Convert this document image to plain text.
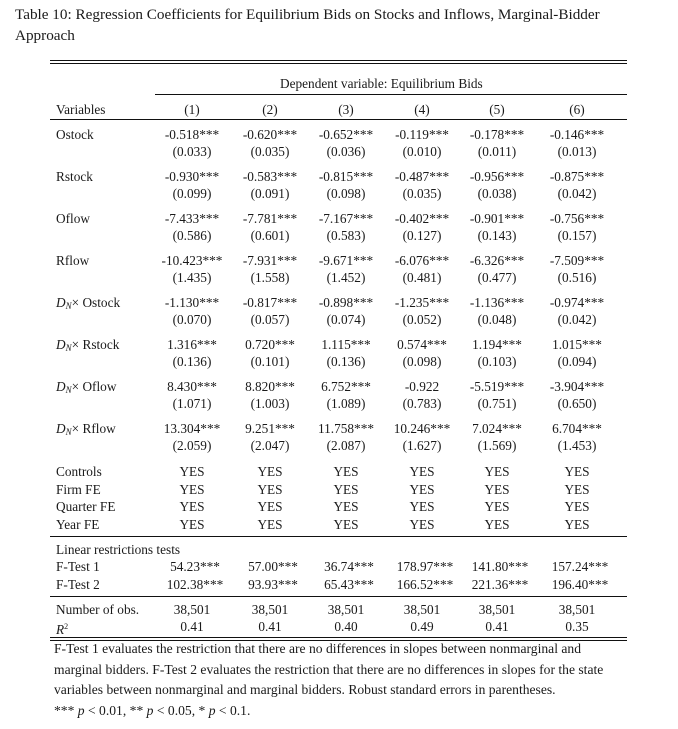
Table 10: Regression Coefficients for Equilibrium Bids on Stocks and Inflows, Marginal-Bidder
Approach
Dependent variable: Equilibrium Bids
Variables	(1)	(2)	(3)	(4)	(5)	(6)
Ostock	-0.518***	-0.620***	-0.652***	-0.119***	-0.178***	-0.146***
(0.033)	(0.035)	(0.036)	(0.010)	(0.011)	(0.013)
Rstock	-0.930***	-0.583***	-0.815***	-0.487***	-0.956***	-0.875***
(0.099)	(0.091)	(0.098)	(0.035)	(0.038)	(0.042)
Oflow	-7.433***	-7.781***	-7.167***	-0.402***	-0.901***	-0.756***
(0.586)	(0.601)	(0.583)	(0.127)	(0.143)	(0.157)
Rflow	-10.423***	-7.931***	-9.671***	-6.076***	-6.326***	-7.509***
(1.435)	(1.558)	(1.452)	(0.481)	(0.477)	(0.516)
$D_N\times$ Ostock	-1.130***	-0.817***	-0.898***	-1.235***	-1.136***	-0.974***
(0.070)	(0.057)	(0.074)	(0.052)	(0.048)	(0.042)
$D_N\times$ Rstock	1.316***	0.720***	1.115***	0.574***	1.194***	1.015***
(0.136)	(0.101)	(0.136)	(0.098)	(0.103)	(0.094)
$D_N\times$ Oflow	8.430***	8.820***	6.752***	-0.922	-5.519***	-3.904***
(1.071)	(1.003)	(1.089)	(0.783)	(0.751)	(0.650)
$D_N\times$ Rflow	13.304***	9.251***	11.758***	10.246***	7.024***	6.704***
(2.059)	(2.047)	(2.087)	(1.627)	(1.569)	(1.453)
Controls	YES	YES	YES	YES	YES	YES
Firm FE	YES	YES	YES	YES	YES	YES
Quarter FE	YES	YES	YES	YES	YES	YES
Year FE	YES	YES	YES	YES	YES	YES
Linear restrictions tests
F-Test 1	54.23***	57.00***	36.74***	178.97***	141.80***	157.24***
F-Test 2	102.38***	93.93***	65.43***	166.52***	221.36***	196.40***
Number of obs.	38,501	38,501	38,501	38,501	38,501	38,501
$R^2$	0.41	0.41	0.40	0.49	0.41	0.35
F-Test 1 evaluates the restriction that there are no differences in slopes between nonmarginal and marginal bidders. F-Test 2 evaluates the restriction that there are no differences in slopes for the state variables between nonmarginal and marginal bidders. Robust standard errors in parentheses.
*** p < 0.01, ** p < 0.05, * p < 0.1.
